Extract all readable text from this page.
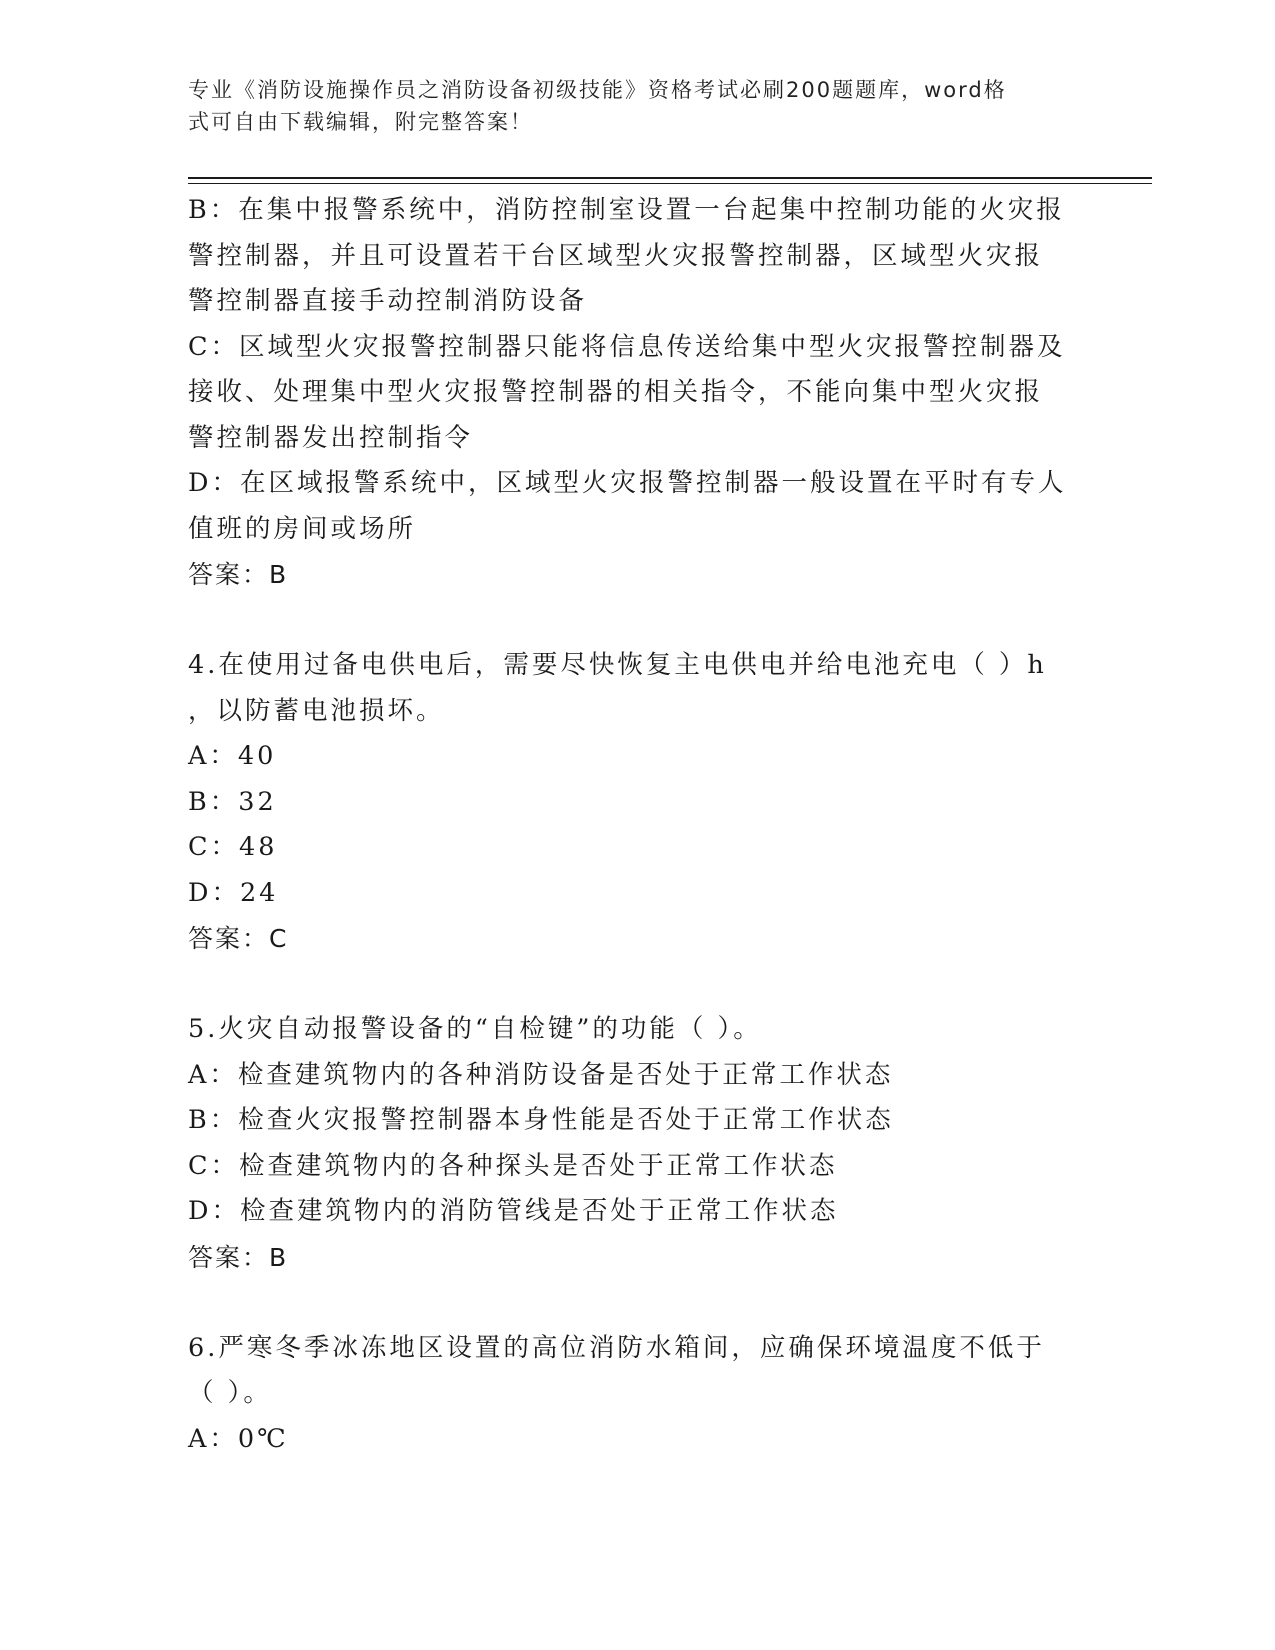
专业《消防设施操作员之消防设备初级技能》资格考试必刷200题题库，word格
式可自由下载编辑，附完整答案！
B：在集中报警系统中，消防控制室设置一台起集中控制功能的火灾报
警控制器，并且可设置若干台区域型火灾报警控制器，区域型火灾报
警控制器直接手动控制消防设备
C：区域型火灾报警控制器只能将信息传送给集中型火灾报警控制器及
接收、处理集中型火灾报警控制器的相关指令，不能向集中型火灾报
警控制器发出控制指令
D：在区域报警系统中，区域型火灾报警控制器一般设置在平时有专人
值班的房间或场所
答案：B
4.在使用过备电供电后，需要尽快恢复主电供电并给电池充电（ ）h
，以防蓄电池损坏。
A：40
B：32
C：48
D：24
答案：C
5.火灾自动报警设备的“自检键”的功能（ ）。
A：检查建筑物内的各种消防设备是否处于正常工作状态
B：检查火灾报警控制器本身性能是否处于正常工作状态
C：检查建筑物内的各种探头是否处于正常工作状态
D：检查建筑物内的消防管线是否处于正常工作状态
答案：B
6.严寒冬季冰冻地区设置的高位消防水箱间，应确保环境温度不低于
（ ）。
A：0℃
